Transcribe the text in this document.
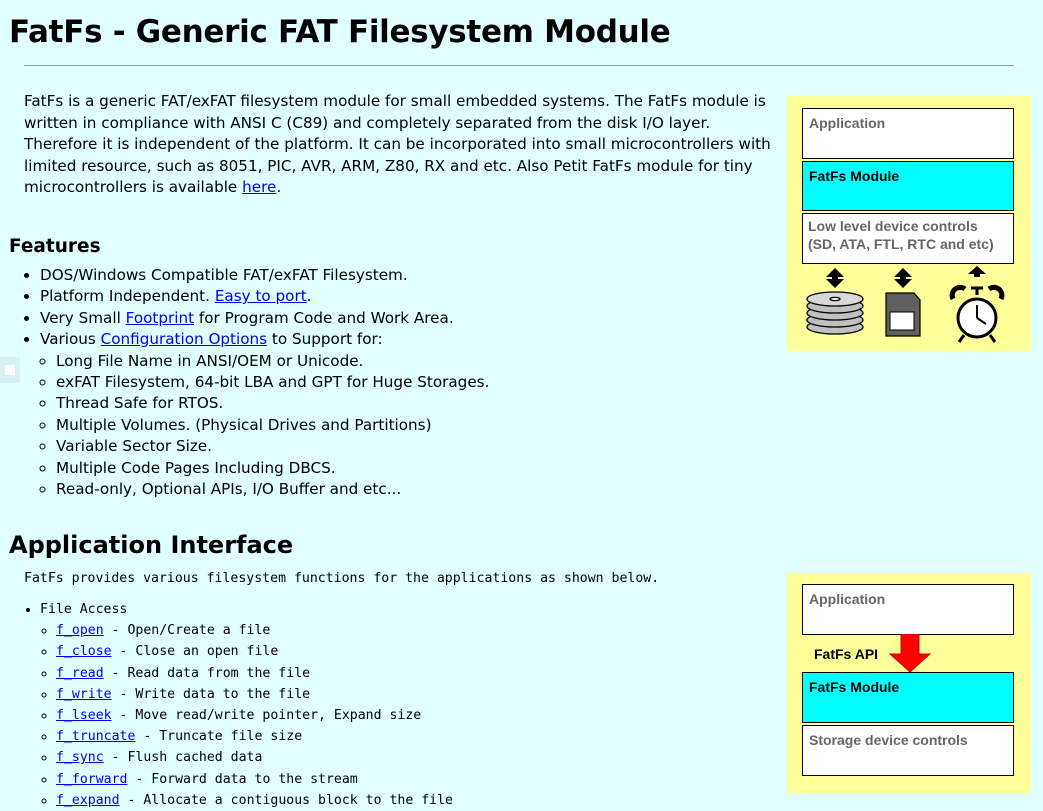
FatFs - Generic FAT Filesystem Module

FatFs is a generic FAT/exFAT filesystem module for small embedded systems. The FatFs module is written in compliance with ANSI C (C89) and completely separated from the disk I/O layer. Therefore it is independent of the platform. It can be incorporated into small microcontrollers with limited resource, such as 8051, PIC, AVR, ARM, Z80, RX and etc. Also Petit FatFs module for tiny microcontrollers is available here.

Features
• DOS/Windows Compatible FAT/exFAT Filesystem.
• Platform Independent. Easy to port.
• Very Small Footprint for Program Code and Work Area.
• Various Configuration Options to Support for:
◦ Long File Name in ANSI/OEM or Unicode.
◦ exFAT Filesystem, 64-bit LBA and GPT for Huge Storages.
◦ Thread Safe for RTOS.
◦ Multiple Volumes. (Physical Drives and Partitions)
◦ Variable Sector Size.
◦ Multiple Code Pages Including DBCS.
◦ Read-only, Optional APIs, I/O Buffer and etc...
Application Interface

FatFs provides various filesystem functions for the applications as shown below.

• File Access
◦ f_open - Open/Create a file
◦ f_close - Close an open file
◦ f_read - Read data from the file
◦ f_write - Write data to the file
◦ f_lseek - Move read/write pointer, Expand size
◦ f_truncate - Truncate file size
◦ f_sync - Flush cached data
◦ f_forward - Forward data to the stream
◦ f_expand - Allocate a contiguous block to the file
Application
FatFs Module
Low level device controls
(SD, ATA, FTL, RTC and etc)
Application
FatFs API
FatFs Module
Storage device controls
